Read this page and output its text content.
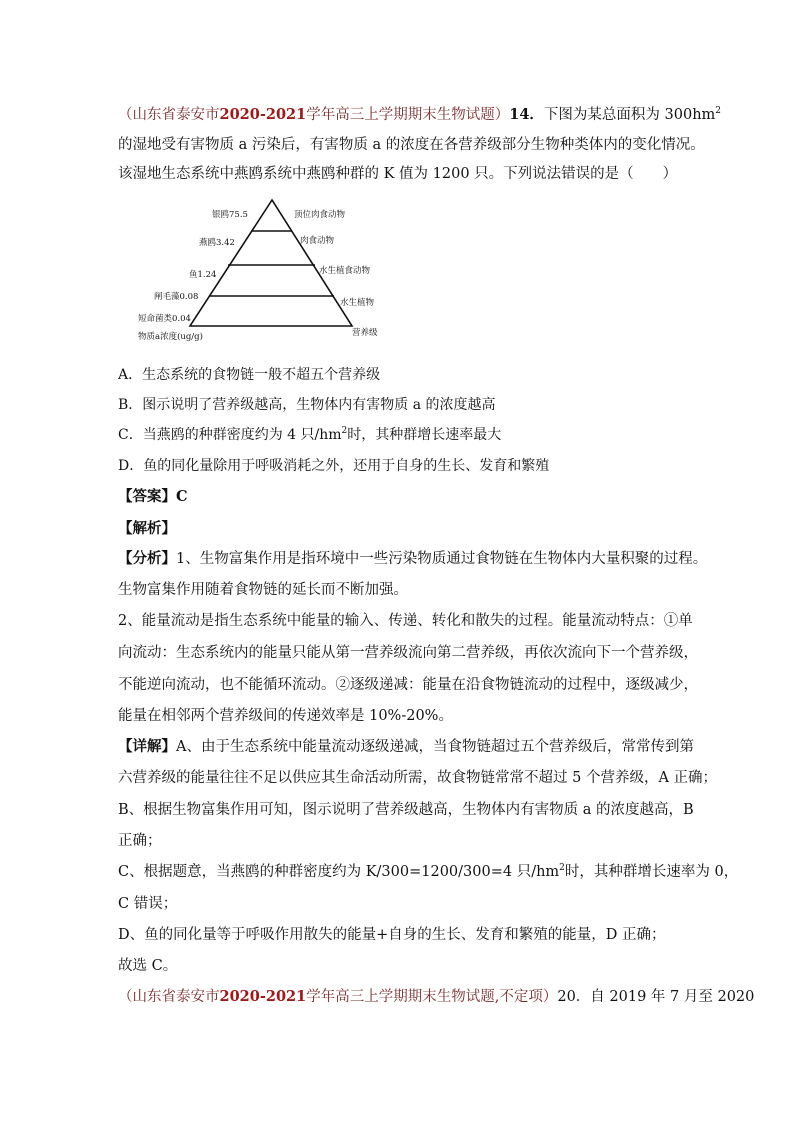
（山东省泰安市2020-2021学年高三上学期期末生物试题）14．下图为某总面积为 $300hm^2$
的湿地受有害物质 a 污染后，有害物质 a 的浓度在各营养级部分生物种类体内的变化情况。
该湿地生态系统中燕鸥系统中燕鸥种群的 K 值为 1200 只。下列说法错误的是（　　）
银鸥75.5
燕鸥3.42
鱼1.24
闸毛藻0.08
短命菌类0.04
物质a浓度(ug/g)
顶位肉食动物
肉食动物
水生植食动物
水生植物
营养级
A．生态系统的食物链一般不超五个营养级
B．图示说明了营养级越高，生物体内有害物质 a 的浓度越高
C．当燕鸥的种群密度约为 4 只$/hm^2$时，其种群增长速率最大
D．鱼的同化量除用于呼吸消耗之外，还用于自身的生长、发育和繁殖
【答案】C
【解析】
【分析】1、生物富集作用是指环境中一些污染物质通过食物链在生物体内大量积聚的过程。
生物富集作用随着食物链的延长而不断加强。
2、能量流动是指生态系统中能量的输入、传递、转化和散失的过程。能量流动特点：①单
向流动：生态系统内的能量只能从第一营养级流向第二营养级，再依次流向下一个营养级，
不能逆向流动，也不能循环流动。②逐级递减：能量在沿食物链流动的过程中，逐级减少，
能量在相邻两个营养级间的传递效率是 10%-20%。
【详解】A、由于生态系统中能量流动逐级递减，当食物链超过五个营养级后，常常传到第
六营养级的能量往往不足以供应其生命活动所需，故食物链常常不超过 5 个营养级，A 正确；
B、根据生物富集作用可知，图示说明了营养级越高，生物体内有害物质 a 的浓度越高，B
正确；
C、根据题意，当燕鸥的种群密度约为 K/300=1200/300=4 只$/hm^2$时，其种群增长速率为 0，
C 错误；
D、鱼的同化量等于呼吸作用散失的能量+自身的生长、发育和繁殖的能量，D 正确；
故选 C。
（山东省泰安市2020-2021学年高三上学期期末生物试题,不定项）20．自 2019 年 7 月至 2020
